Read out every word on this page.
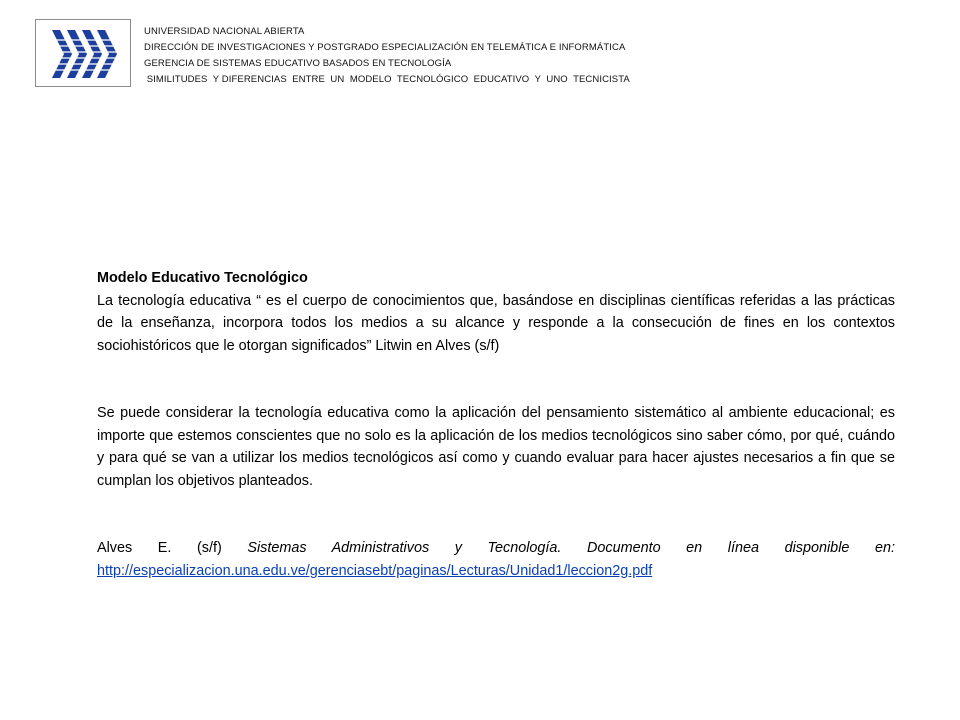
UNIVERSIDAD NACIONAL ABIERTA
DIRECCIÓN DE INVESTIGACIONES Y POSTGRADO ESPECIALIZACIÓN EN TELEMÁTICA E INFORMÁTICA
GERENCIA DE SISTEMAS EDUCATIVO BASADOS EN TECNOLOGÍA
SIMILITUDES  Y DIFERENCIAS  ENTRE  UN  MODELO  TECNOLÓGICO  EDUCATIVO  Y  UNO  TECNICISTA

Modelo Educativo Tecnológico

La tecnología educativa “ es el cuerpo de conocimientos que, basándose en disciplinas científicas referidas a las prácticas de la enseñanza, incorpora todos los medios a su alcance y responde a la consecución de fines en los contextos sociohistóricos que le otorgan significados” Litwin en Alves (s/f)

Se puede considerar la tecnología educativa como la aplicación del pensamiento sistemático al ambiente educacional; es importe que estemos conscientes que no solo es la aplicación de los medios tecnológicos sino saber cómo, por qué, cuándo y para qué se van a utilizar los medios tecnológicos así como y cuando evaluar para hacer ajustes necesarios a fin que se cumplan los objetivos planteados.

Alves E. (s/f) Sistemas Administrativos y Tecnología. Documento en línea disponible en:

http://especializacion.una.edu.ve/gerenciasebt/paginas/Lecturas/Unidad1/leccion2g.pdf
